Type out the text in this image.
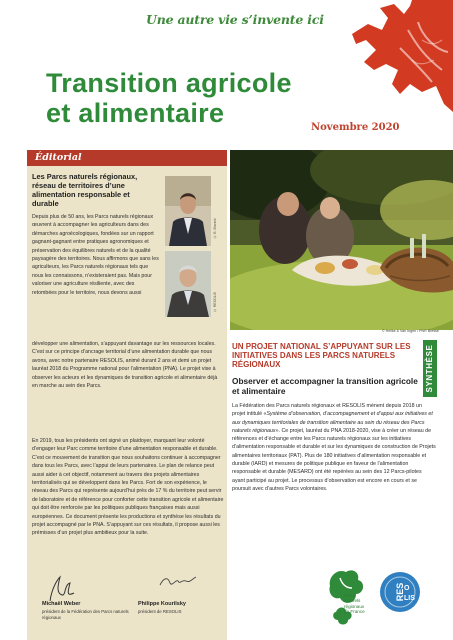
Une autre vie s’invente ici
Transition agricole
et alimentaire	Novembre 2020
Éditorial
Les Parcs naturels régionaux, réseau de territoires d’une alimentation responsable et durable
Depuis plus de 50 ans, les Parcs naturels régionaux œuvrent à accompagner les agriculteurs dans des démarches agroécologiques, fondées sur un rapport gagnant-gagnant entre pratiques agronomiques et préservation des équilibres naturels et de la qualité paysagère des territoires. Nous affirmons que sans les agriculteurs, les Parcs naturels régionaux tels que nous les connaissons, n’existeraient pas. Mais pour valoriser une agriculture résiliente, avec des retombées pour le territoire, nous devons aussi
développer une alimentation, s’appuyant davantage sur les ressources locales. C’est sur ce principe d’ancrage territorial d’une alimentation durable que nous avons, avec notre partenaire RESOLIS, animé durant 2 ans et demi un projet lauréat 2018 du Programme national pour l’alimentation (PNA). Le projet vise à observer les acteurs et les dynamiques de transition agricole et alimentaire déjà en marche au sein des Parcs.
En 2019, tous les présidents ont signé un plaidoyer, marquant leur volonté d’engager leur Parc comme territoire d’une alimentation responsable et durable. C’est ce mouvement de transition que nous souhaitons continuer à accompagner dans tous les Parcs, avec l’appui de leurs partenaires. Le plan de relance peut aussi aider à cet objectif, notamment au travers des projets alimentaires territorialisés qui se développent dans les Parcs. Fort de son expérience, le réseau des Parcs qui représente aujourd’hui près de 17 % du territoire peut servir de laboratoire et de référence pour conforter cette transition agricole et alimentaire qui doit être renforcée par les politiques publiques françaises mais aussi européennes. Ce document présente les productions et synthèse les résultats du projet accompagné par le PNA. S’appuyant sur ces résultats, il propose aussi les prémisses d’un projet plus ambitieux pour la suite.
© B. Bianchi
© RESOLIS
Michaël Weber
président de la Fédération des Parcs naturels régionaux
Philippe Kourilsky
président de RESOLIS
© Heilke & Van Ingen / PNR Bresse
UN PROJET NATIONAL S’APPUYANT SUR LES INITIATIVES DANS LES PARCS NATURELS RÉGIONAUX	SYNTHÈSE
Observer et accompagner la transition agricole et alimentaire
La Fédération des Parcs naturels régionaux et RESOLIS mènent depuis 2018 un projet intitulé «Système d’observation, d’accompagnement et d’appui aux initiatives et aux dynamiques territoriales de transition alimentaire au sein du réseau des Parcs naturels régionaux». Ce projet, lauréat du PNA 2018-2020, vise à créer un réseau de références et d’échange entre les Parcs naturels régionaux sur les initiatives d’alimentation responsable et durable et sur les dynamiques de construction de Projets alimentaires territoriaux (PAT). Plus de 180 initiatives d’alimentation responsable et durable (IARD) et mesures de politique publique en faveur de l’alimentation responsable et durable (MESARD) ont été repérées au sein des 12 Parcs-pilotes ayant participé au projet. Le processus d’observation est encore en cours et se poursuit avec d’autres Parcs volontaires.
Parcs
naturels
régionaux
de France
RES O
LIS
